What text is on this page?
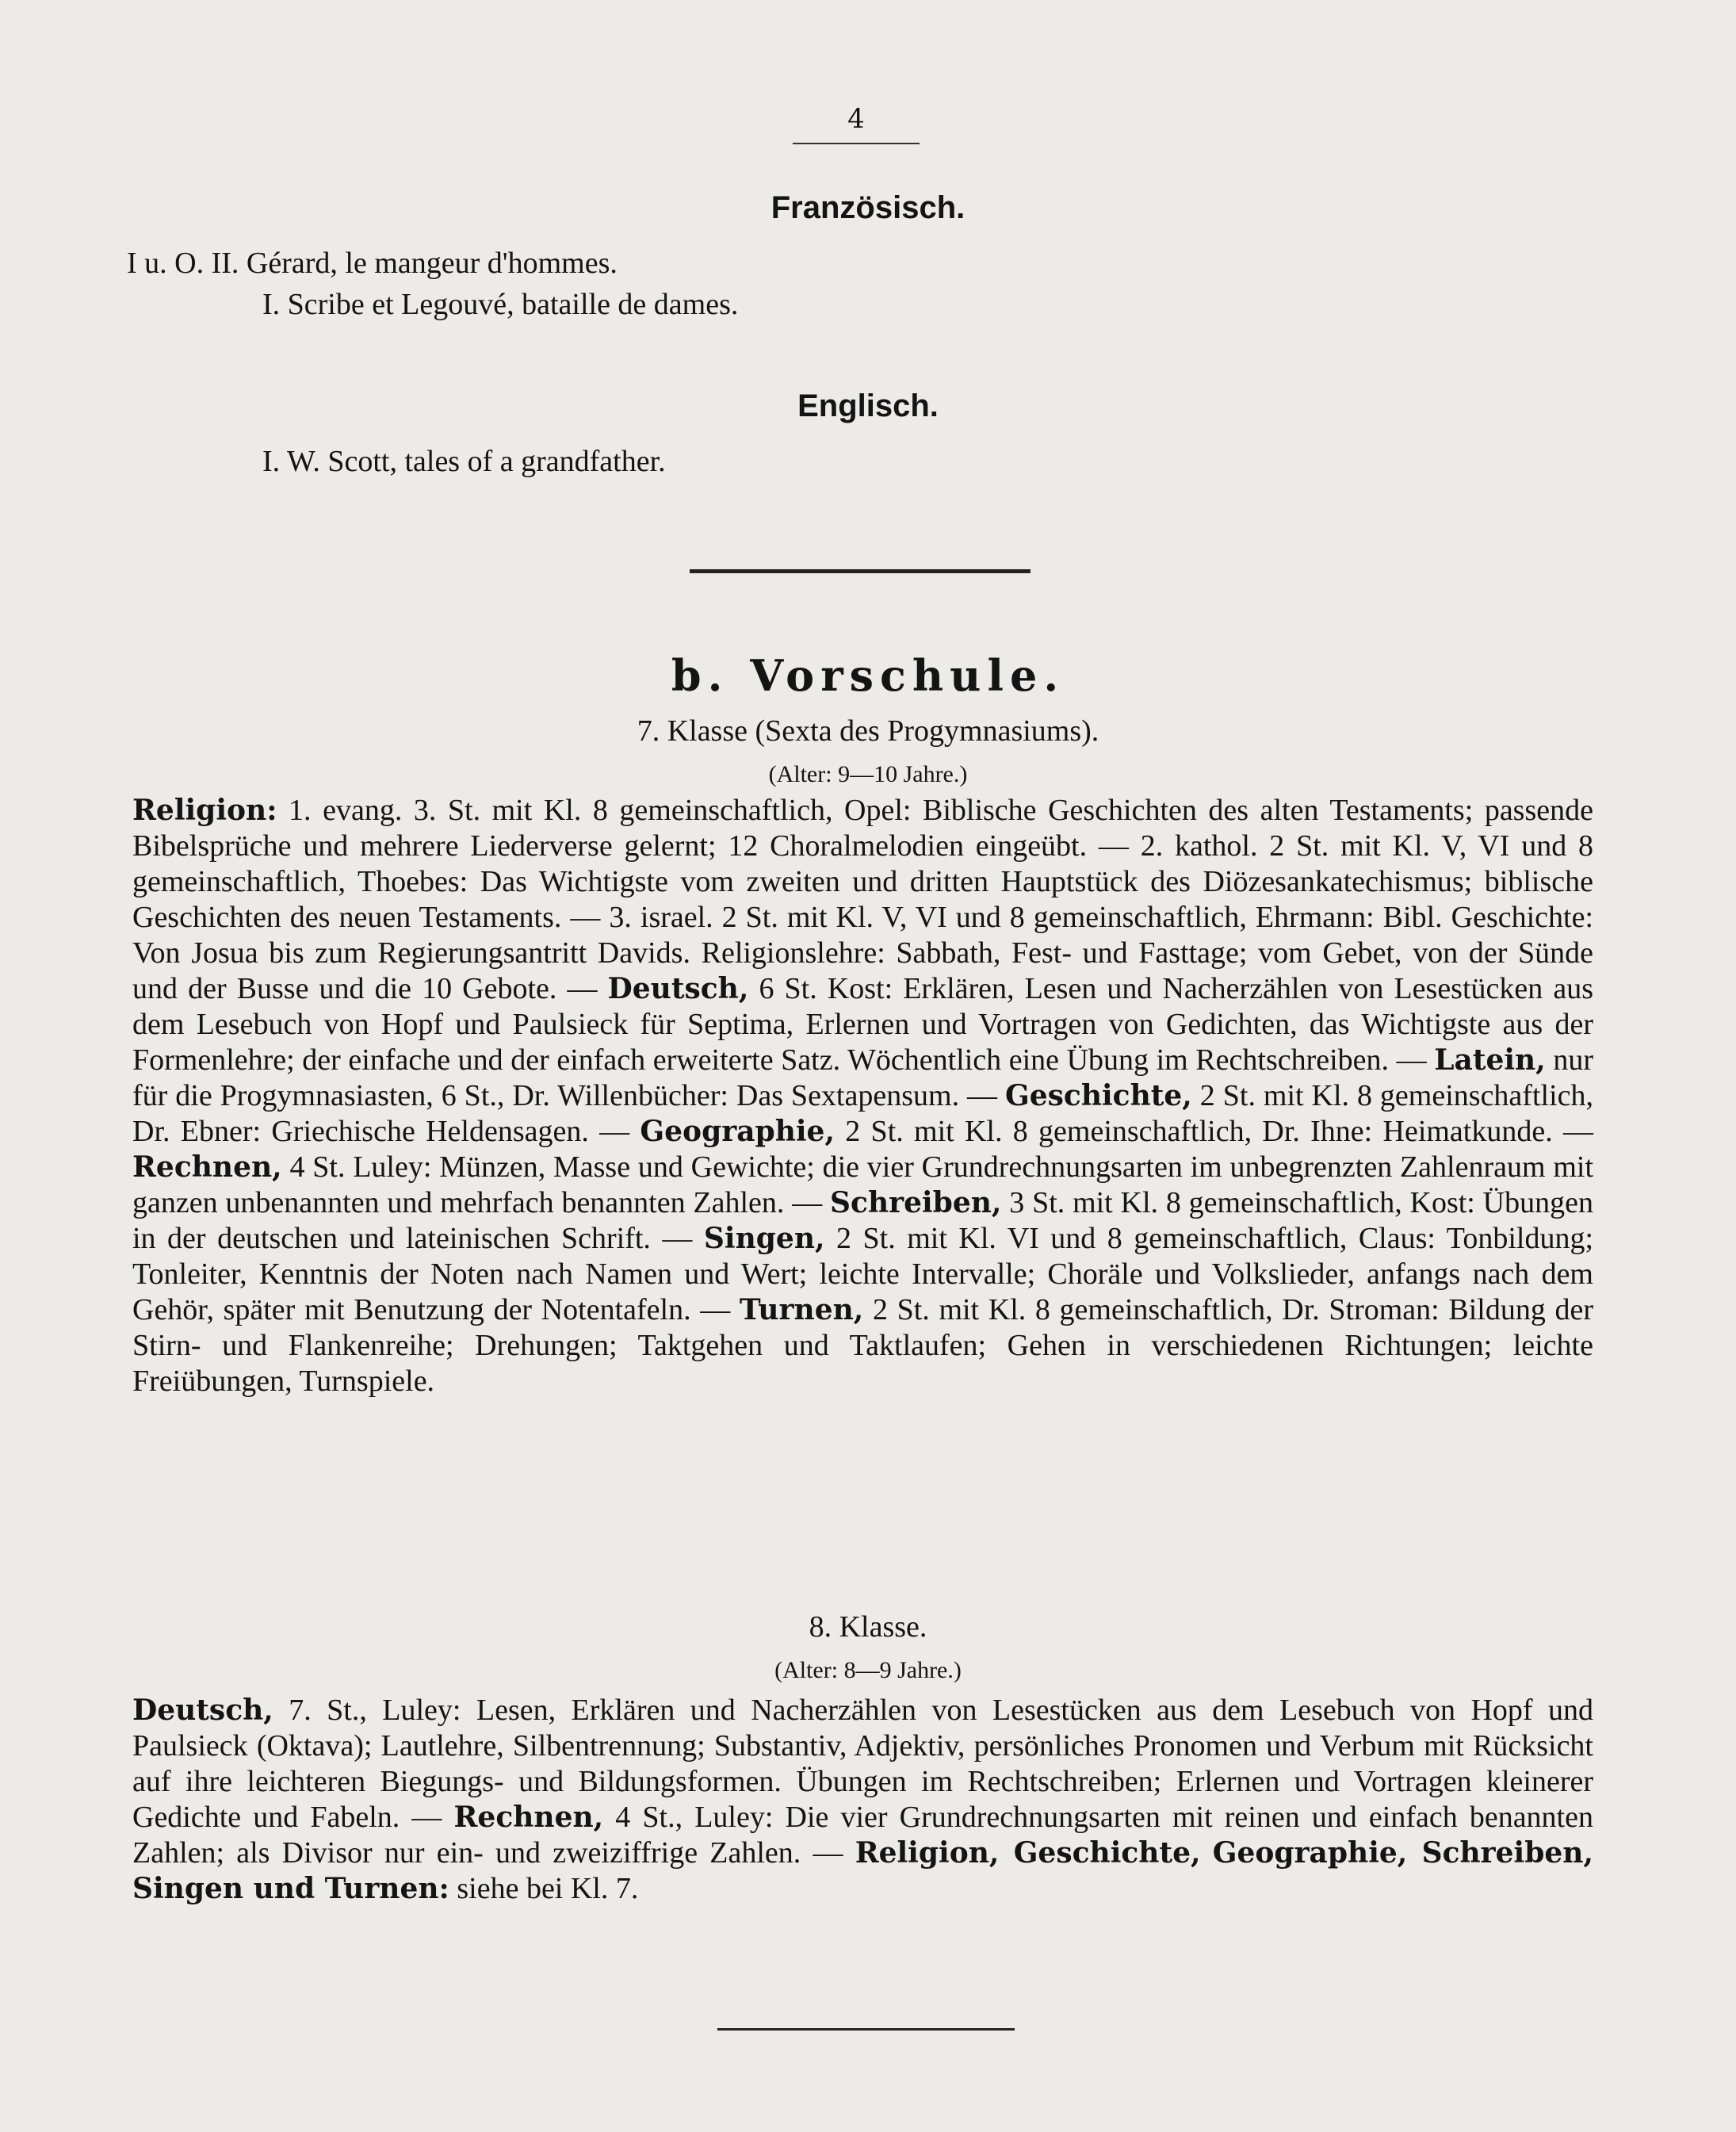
4
Französisch.
I u. O. II. Gérard, le mangeur d'hommes.
I. Scribe et Legouvé, bataille de dames.
Englisch.
I. W. Scott, tales of a grandfather.
b. Vorschule.
7. Klasse (Sexta des Progymnasiums).
(Alter: 9—10 Jahre.)

Religion: 1. evang. 3. St. mit Kl. 8 gemeinschaftlich, Opel: Biblische Geschichten des alten Testaments; passende Bibelsprüche und mehrere Liederverse gelernt; 12 Choralmelodien eingeübt. — 2. kathol. 2 St. mit Kl. V, VI und 8 gemeinschaftlich, Thoebes: Das Wichtigste vom zweiten und dritten Hauptstück des Diözesankatechismus; biblische Geschichten des neuen Testaments. — 3. israel. 2 St. mit Kl. V, VI und 8 gemeinschaftlich, Ehrmann: Bibl. Geschichte: Von Josua bis zum Regierungsantritt Davids. Religionslehre: Sabbath, Fest- und Fasttage; vom Gebet, von der Sünde und der Busse und die 10 Gebote. — Deutsch, 6 St. Kost: Erklären, Lesen und Nacherzählen von Lesestücken aus dem Lesebuch von Hopf und Paulsieck für Septima, Erlernen und Vortragen von Gedichten, das Wichtigste aus der Formenlehre; der einfache und der einfach erweiterte Satz. Wöchentlich eine Übung im Rechtschreiben. — Latein, nur für die Progymnasiasten, 6 St., Dr. Willenbücher: Das Sextapensum. — Geschichte, 2 St. mit Kl. 8 gemeinschaftlich, Dr. Ebner: Griechische Heldensagen. — Geographie, 2 St. mit Kl. 8 gemeinschaftlich, Dr. Ihne: Heimatkunde. — Rechnen, 4 St. Luley: Münzen, Masse und Gewichte; die vier Grundrechnungsarten im unbegrenzten Zahlenraum mit ganzen unbenannten und mehrfach benannten Zahlen. — Schreiben, 3 St. mit Kl. 8 gemeinschaftlich, Kost: Übungen in der deutschen und lateinischen Schrift. — Singen, 2 St. mit Kl. VI und 8 gemeinschaftlich, Claus: Tonbildung; Tonleiter, Kenntnis der Noten nach Namen und Wert; leichte Intervalle; Choräle und Volkslieder, anfangs nach dem Gehör, später mit Benutzung der Notentafeln. — Turnen, 2 St. mit Kl. 8 gemeinschaftlich, Dr. Stroman: Bildung der Stirn- und Flankenreihe; Drehungen; Taktgehen und Taktlaufen; Gehen in verschiedenen Richtungen; leichte Freiübungen, Turnspiele.

8. Klasse.
(Alter: 8—9 Jahre.)

Deutsch, 7. St., Luley: Lesen, Erklären und Nacherzählen von Lesestücken aus dem Lesebuch von Hopf und Paulsieck (Oktava); Lautlehre, Silbentrennung; Substantiv, Adjektiv, persönliches Pronomen und Verbum mit Rücksicht auf ihre leichteren Biegungs- und Bildungsformen. Übungen im Rechtschreiben; Erlernen und Vortragen kleinerer Gedichte und Fabeln. — Rechnen, 4 St., Luley: Die vier Grundrechnungsarten mit reinen und einfach benannten Zahlen; als Divisor nur ein- und zweiziffrige Zahlen. — Religion, Geschichte, Geographie, Schreiben, Singen und Turnen: siehe bei Kl. 7.
